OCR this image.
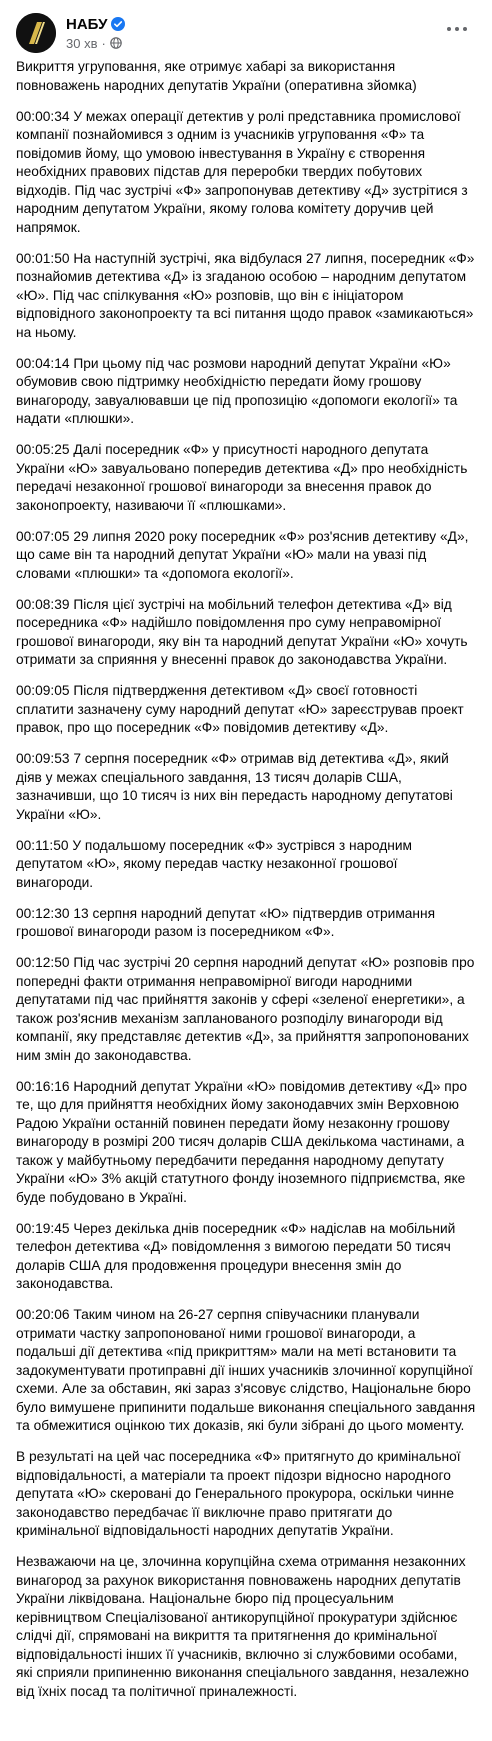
НАБУ
30 хв ·

Викриття угруповання, яке отримує хабарі за використання повноважень народних депутатів України (оперативна зйомка)

00:00:34 У межах операції детектив у ролі представника промислової компанії познайомився з одним із учасників угруповання «Ф» та повідомив йому, що умовою інвестування в Україну є створення необхідних правових підстав для переробки твердих побутових відходів. Під час зустрічі «Ф» запропонував детективу «Д» зустрітися з народним депутатом України, якому голова комітету доручив цей напрямок.

00:01:50 На наступній зустрічі, яка відбулася 27 липня, посередник «Ф» познайомив детектива «Д» із згаданою особою – народним депутатом «Ю». Під час спілкування «Ю» розповів, що він є ініціатором відповідного законопроекту та всі питання щодо правок «замикаються» на ньому.

00:04:14 При цьому під час розмови народний депутат України «Ю» обумовив свою підтримку необхідністю передати йому грошову винагороду, завуалювавши це під пропозицію «допомоги екології» та надати «плюшки».

00:05:25 Далі посередник «Ф» у присутності народного депутата України «Ю» завуальовано попередив детектива «Д» про необхідність передачі незаконної грошової винагороди за внесення правок до законопроекту, називаючи її «плюшками».

00:07:05 29 липня 2020 року посередник «Ф» роз'яснив детективу «Д», що саме він та народний депутат України «Ю» мали на увазі під словами «плюшки» та «допомога екології».

00:08:39 Після цієї зустрічі на мобільний телефон детектива «Д» від посередника «Ф» надійшло повідомлення про суму неправомірної грошової винагороди, яку він та народний депутат України «Ю» хочуть отримати за сприяння у внесенні правок до законодавства України.

00:09:05 Після підтвердження детективом «Д» своєї готовності сплатити зазначену суму народний депутат «Ю» зареєстрував проект правок, про що посередник «Ф» повідомив детективу «Д».

00:09:53 7 серпня посередник «Ф» отримав від детектива «Д», який діяв у межах спеціального завдання, 13 тисяч доларів США, зазначивши, що 10 тисяч із них він передасть народному депутатові України «Ю».

00:11:50 У подальшому посередник «Ф» зустрівся з народним депутатом «Ю», якому передав частку незаконної грошової винагороди.

00:12:30 13 серпня народний депутат «Ю» підтвердив отримання грошової винагороди разом із посередником «Ф».

00:12:50 Під час зустрічі 20 серпня народний депутат «Ю» розповів про попередні факти отримання неправомірної вигоди народними депутатами під час прийняття законів у сфері «зеленої енергетики», а також роз'яснив механізм запланованого розподілу винагороди від компанії, яку представляє детектив «Д», за прийняття запропонованих ним змін до законодавства.

00:16:16 Народний депутат України «Ю» повідомив детективу «Д» про те, що для прийняття необхідних йому законодавчих змін Верховною Радою України останній повинен передати йому незаконну грошову винагороду в розмірі 200 тисяч доларів США декількома частинами, а також у майбутньому передбачити передання народному депутату України «Ю» 3% акцій статутного фонду іноземного підприємства, яке буде побудовано в Україні.

00:19:45 Через декілька днів посередник «Ф» надіслав на мобільний телефон детектива «Д» повідомлення з вимогою передати 50 тисяч доларів США для продовження процедури внесення змін до законодавства.

00:20:06 Таким чином на 26-27 серпня співучасники планували отримати частку запропонованої ними грошової винагороди, а подальші дії детектива «під прикриттям» мали на меті встановити та задокументувати протиправні дії інших учасників злочинної корупційної схеми. Але за обставин, які зараз з'ясовує слідство, Національне бюро було вимушене припинити подальше виконання спеціального завдання та обмежитися оцінкою тих доказів, які були зібрані до цього моменту.

В результаті на цей час посередника «Ф» притягнуто до кримінальної відповідальності, а матеріали та проект підозри відносно народного депутата «Ю» скеровані до Генерального прокурора, оскільки чинне законодавство передбачає її виключне право притягати до кримінальної відповідальності народних депутатів України.

Незважаючи на це, злочинна корупційна схема отримання незаконних винагород за рахунок використання повноважень народних депутатів України ліквідована. Національне бюро під процесуальним керівництвом Спеціалізованої антикорупційної прокуратури здійснює слідчі дії, спрямовані на викриття та притягнення до кримінальної відповідальності інших її учасників, включно зі службовими особами, які сприяли припиненню виконання спеціального завдання, незалежно від їхніх посад та політичної приналежності.
